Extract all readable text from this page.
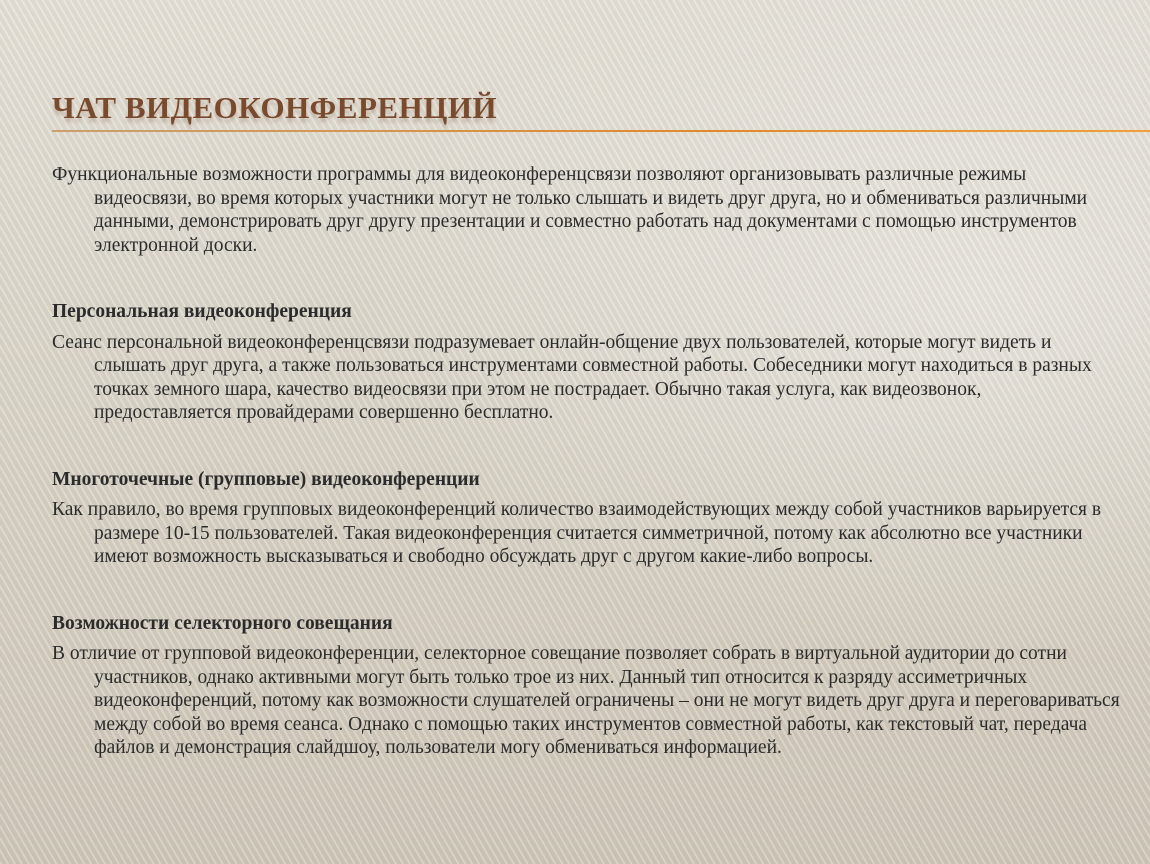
ЧАТ ВИДЕОКОНФЕРЕНЦИЙ

Функциональные возможности программы для видеоконференцсвязи позволяют организовывать различные режимы видеосвязи, во время которых участники могут не только слышать и видеть друг друга, но и обмениваться различными данными, демонстрировать друг другу презентации и совместно работать над документами с помощью инструментов электронной доски.

Персональная видеоконференция

Сеанс персональной видеоконференцсвязи подразумевает онлайн-общение двух пользователей, которые могут видеть и слышать друг друга, а также пользоваться инструментами совместной работы. Собеседники могут находиться в разных точках земного шара, качество видеосвязи при этом не пострадает. Обычно такая услуга, как видеозвонок, предоставляется провайдерами совершенно бесплатно.

Многоточечные (групповые) видеоконференции

Как правило, во время групповых видеоконференций количество взаимодействующих между собой участников варьируется в размере 10-15 пользователей. Такая видеоконференция считается симметричной, потому как абсолютно все участники имеют возможность высказываться и свободно обсуждать друг с другом какие-либо вопросы.

Возможности селекторного совещания

В отличие от групповой видеоконференции, селекторное совещание позволяет собрать в виртуальной аудитории до сотни участников, однако активными могут быть только трое из них. Данный тип относится к разряду ассиметричных видеоконференций, потому как возможности слушателей ограничены – они не могут видеть друг друга и переговариваться между собой во время сеанса. Однако с помощью таких инструментов совместной работы, как текстовый чат, передача файлов и демонстрация слайдшоу, пользователи могу обмениваться информацией.
